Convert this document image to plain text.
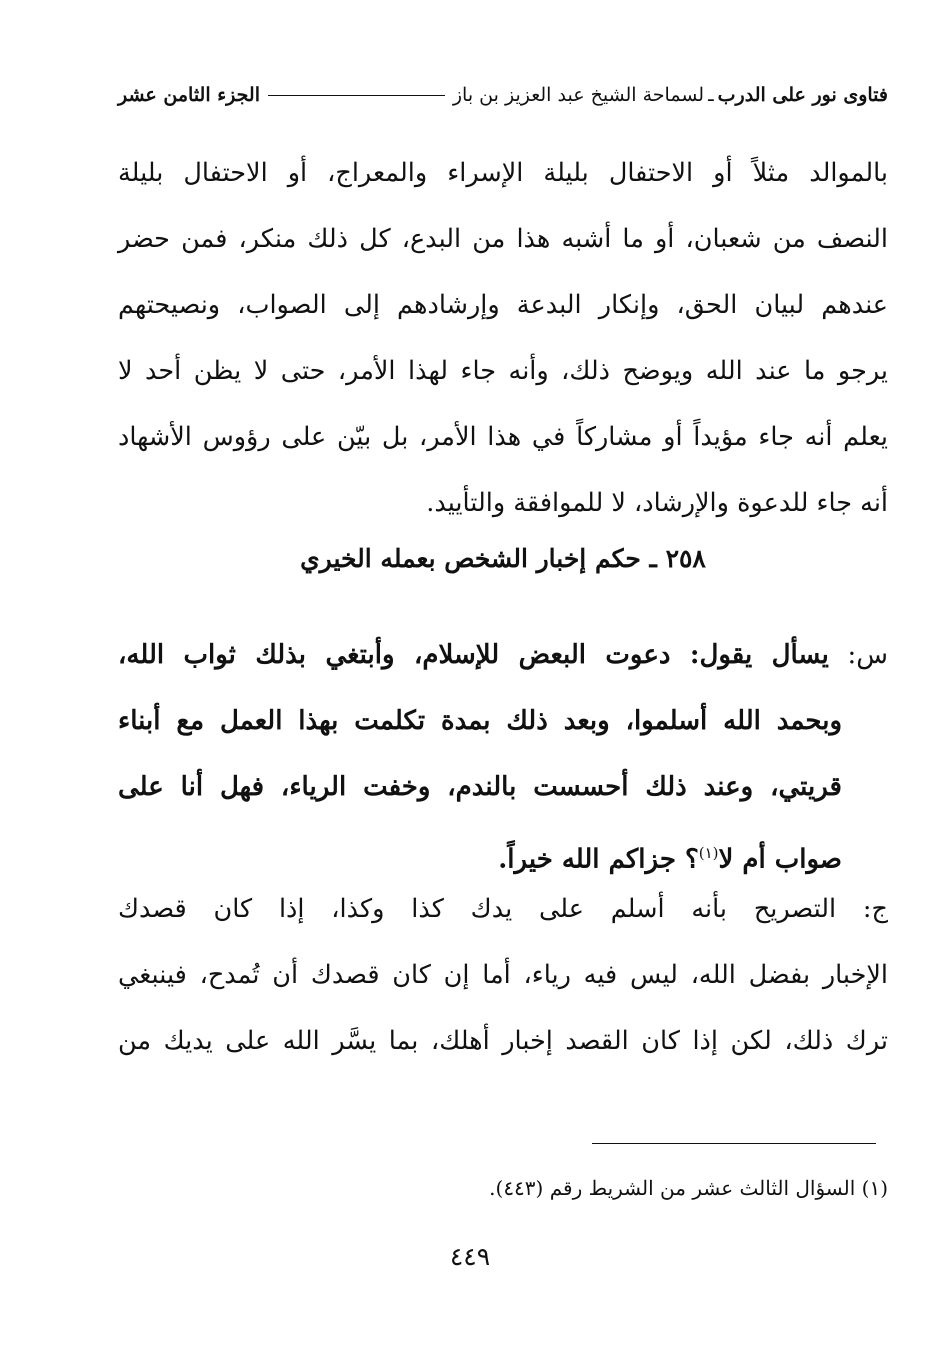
فتاوى نور على الدرب
ـ
لسماحة الشيخ عبد العزيز بن باز
الجزء الثامن عشر
بالموالد مثلاً أو الاحتفال بليلة الإسراء والمعراج، أو الاحتفال بليلة
النصف من شعبان، أو ما أشبه هذا من البدع، كل ذلك منكر، فمن حضر
عندهم لبيان الحق، وإنكار البدعة وإرشادهم إلى الصواب، ونصيحتهم
يرجو ما عند الله ويوضح ذلك، وأنه جاء لهذا الأمر، حتى لا يظن أحد لا
يعلم أنه جاء مؤيداً أو مشاركاً في هذا الأمر، بل بيّن على رؤوس الأشهاد
أنه جاء للدعوة والإرشاد، لا للموافقة والتأييد.
٢٥٨ ـ حكم إخبار الشخص بعمله الخيري
س: يسأل يقول: دعوت البعض للإسلام، وأبتغي بذلك ثواب الله،
وبحمد الله أسلموا، وبعد ذلك بمدة تكلمت بهذا العمل مع أبناء
قريتي، وعند ذلك أحسست بالندم، وخفت الرياء، فهل أنا على
صواب أم لا$^{(١)}$؟ جزاكم الله خيراً.
ج: التصريح بأنه أسلم على يدك كذا وكذا، إذا كان قصدك
الإخبار بفضل الله، ليس فيه رياء، أما إن كان قصدك أن تُمدح، فينبغي
ترك ذلك، لكن إذا كان القصد إخبار أهلك، بما يسَّر الله على يديك من
(١) السؤال الثالث عشر من الشريط رقم (٤٤٣).
٤٤٩
